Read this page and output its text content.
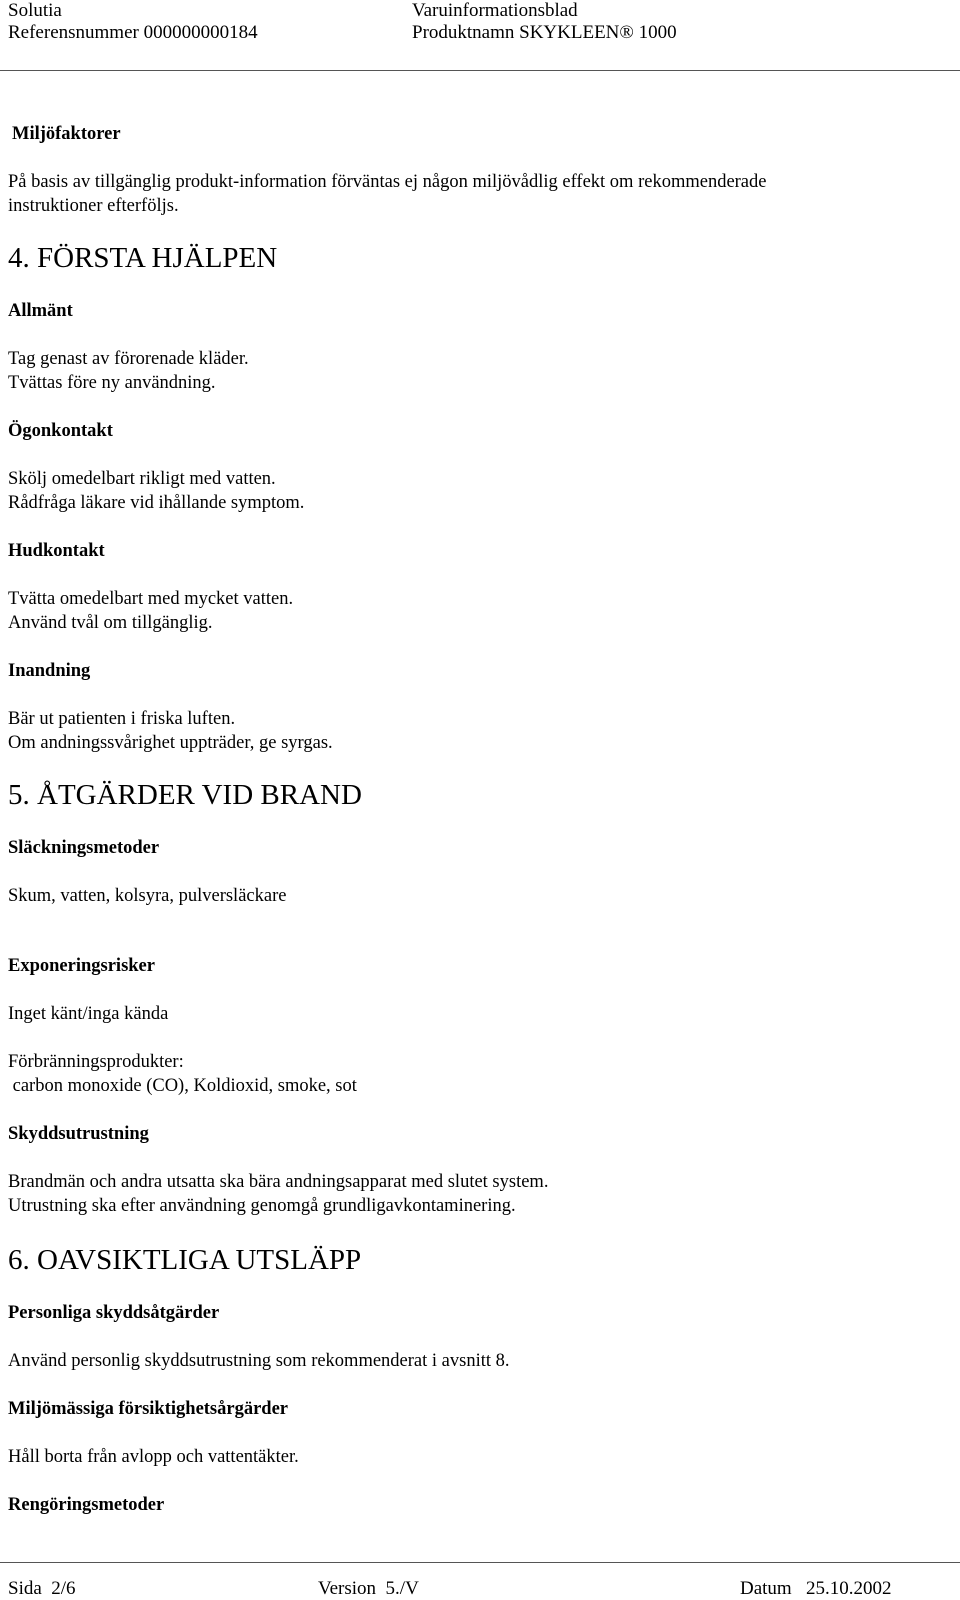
Solutia
Referensnummer 000000000184
Varuinformationsblad
Produktnamn SKYKLEEN® 1000
Miljöfaktorer
På basis av tillgänglig produkt-information förväntas ej någon miljövådlig effekt om rekommenderade
instruktioner efterföljs.
4. FÖRSTA HJÄLPEN
Allmänt
Tag genast av förorenade kläder.
Tvättas före ny användning.
Ögonkontakt
Skölj omedelbart rikligt med vatten.
Rådfråga läkare vid ihållande symptom.
Hudkontakt
Tvätta omedelbart med mycket vatten.
Använd tvål om tillgänglig.
Inandning
Bär ut patienten i friska luften.
Om andningssvårighet uppträder, ge syrgas.
5. ÅTGÄRDER VID BRAND
Släckningsmetoder
Skum, vatten, kolsyra, pulversläckare
Exponeringsrisker
Inget känt/inga kända
Förbränningsprodukter:
carbon monoxide (CO), Koldioxid, smoke, sot
Skyddsutrustning
Brandmän och andra utsatta ska bära andningsapparat med slutet system.
Utrustning ska efter användning genomgå grundligavkontaminering.
6. OAVSIKTLIGA UTSLÄPP
Personliga skyddsåtgärder
Använd personlig skyddsutrustning som rekommenderat i avsnitt 8.
Miljömässiga försiktighetsårgärder
Håll borta från avlopp och vattentäkter.
Rengöringsmetoder
Sida  2/6	Version  5./V	Datum   25.10.2002
